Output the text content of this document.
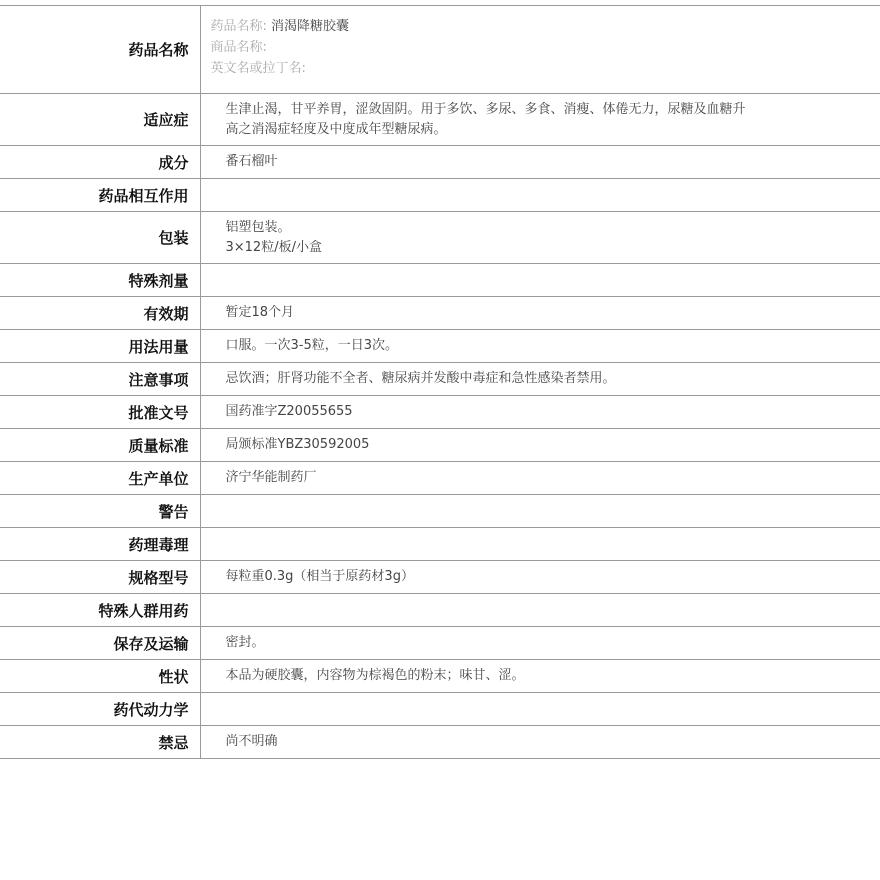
药品名称	药品名称: 消渴降糖胶囊
商品名称:
英文名或拉丁名:

适应症	生津止渴，甘平养胃，涩敛固阴。用于多饮、多尿、多食、消瘦、体倦无力，尿糖及血糖升
高之消渴症轻度及中度成年型糖尿病。

成分	番石榴叶

药品相互作用	
包装	铝塑包装。
3×12粒/板/小盒

特殊剂量	
有效期	暂定18个月

用法用量	口服。一次3-5粒，一日3次。

注意事项	忌饮酒；肝肾功能不全者、糖尿病并发酸中毒症和急性感染者禁用。

批准文号	国药准字Z20055655

质量标准	局颁标准YBZ30592005

生产单位	济宁华能制药厂

警告	
药理毒理	
规格型号	每粒重0.3g（相当于原药材3g）

特殊人群用药	
保存及运输	密封。

性状	本品为硬胶囊，内容物为棕褐色的粉末；味甘、涩。

药代动力学	
禁忌	尚不明确
